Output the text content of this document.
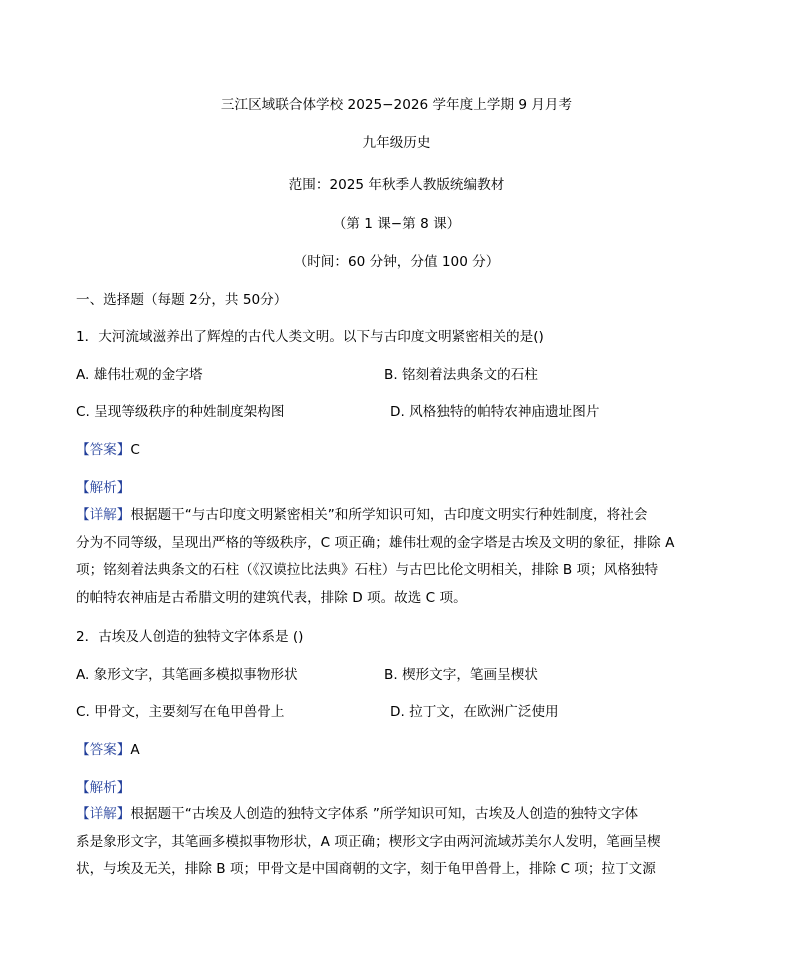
三江区域联合体学校 2025−2026 学年度上学期 9 月月考
九年级历史
范围：2025 年秋季人教版统编教材
（第 1 课−第 8 课）
（时间：60 分钟，分值 100 分）
一、选择题（每题 2分，共 50分）
1．大河流域滋养出了辉煌的古代人类文明。以下与古印度文明紧密相关的是()
A. 雄伟壮观的金字塔	B. 铭刻着法典条文的石柱
C. 呈现等级秩序的种姓制度架构图	D. 风格独特的帕特农神庙遗址图片
【答案】C
【解析】

【详解】根据题干“与古印度文明紧密相关”和所学知识可知，古印度文明实行种姓制度，将社会

分为不同等级，呈现出严格的等级秩序，C 项正确；雄伟壮观的金字塔是古埃及文明的象征，排除 A

项；铭刻着法典条文的石柱（《汉谟拉比法典》石柱）与古巴比伦文明相关，排除 B 项；风格独特

的帕特农神庙是古希腊文明的建筑代表，排除 D 项。故选 C 项。

2．古埃及人创造的独特文字体系是 ()
A. 象形文字，其笔画多模拟事物形状	B. 楔形文字，笔画呈楔状
C. 甲骨文，主要刻写在龟甲兽骨上	D. 拉丁文，在欧洲广泛使用
【答案】A
【解析】

【详解】根据题干“古埃及人创造的独特文字体系 ”所学知识可知，古埃及人创造的独特文字体

系是象形文字，其笔画多模拟事物形状，A 项正确；楔形文字由两河流域苏美尔人发明，笔画呈楔

状，与埃及无关，排除 B 项；甲骨文是中国商朝的文字，刻于龟甲兽骨上，排除 C 项；拉丁文源
